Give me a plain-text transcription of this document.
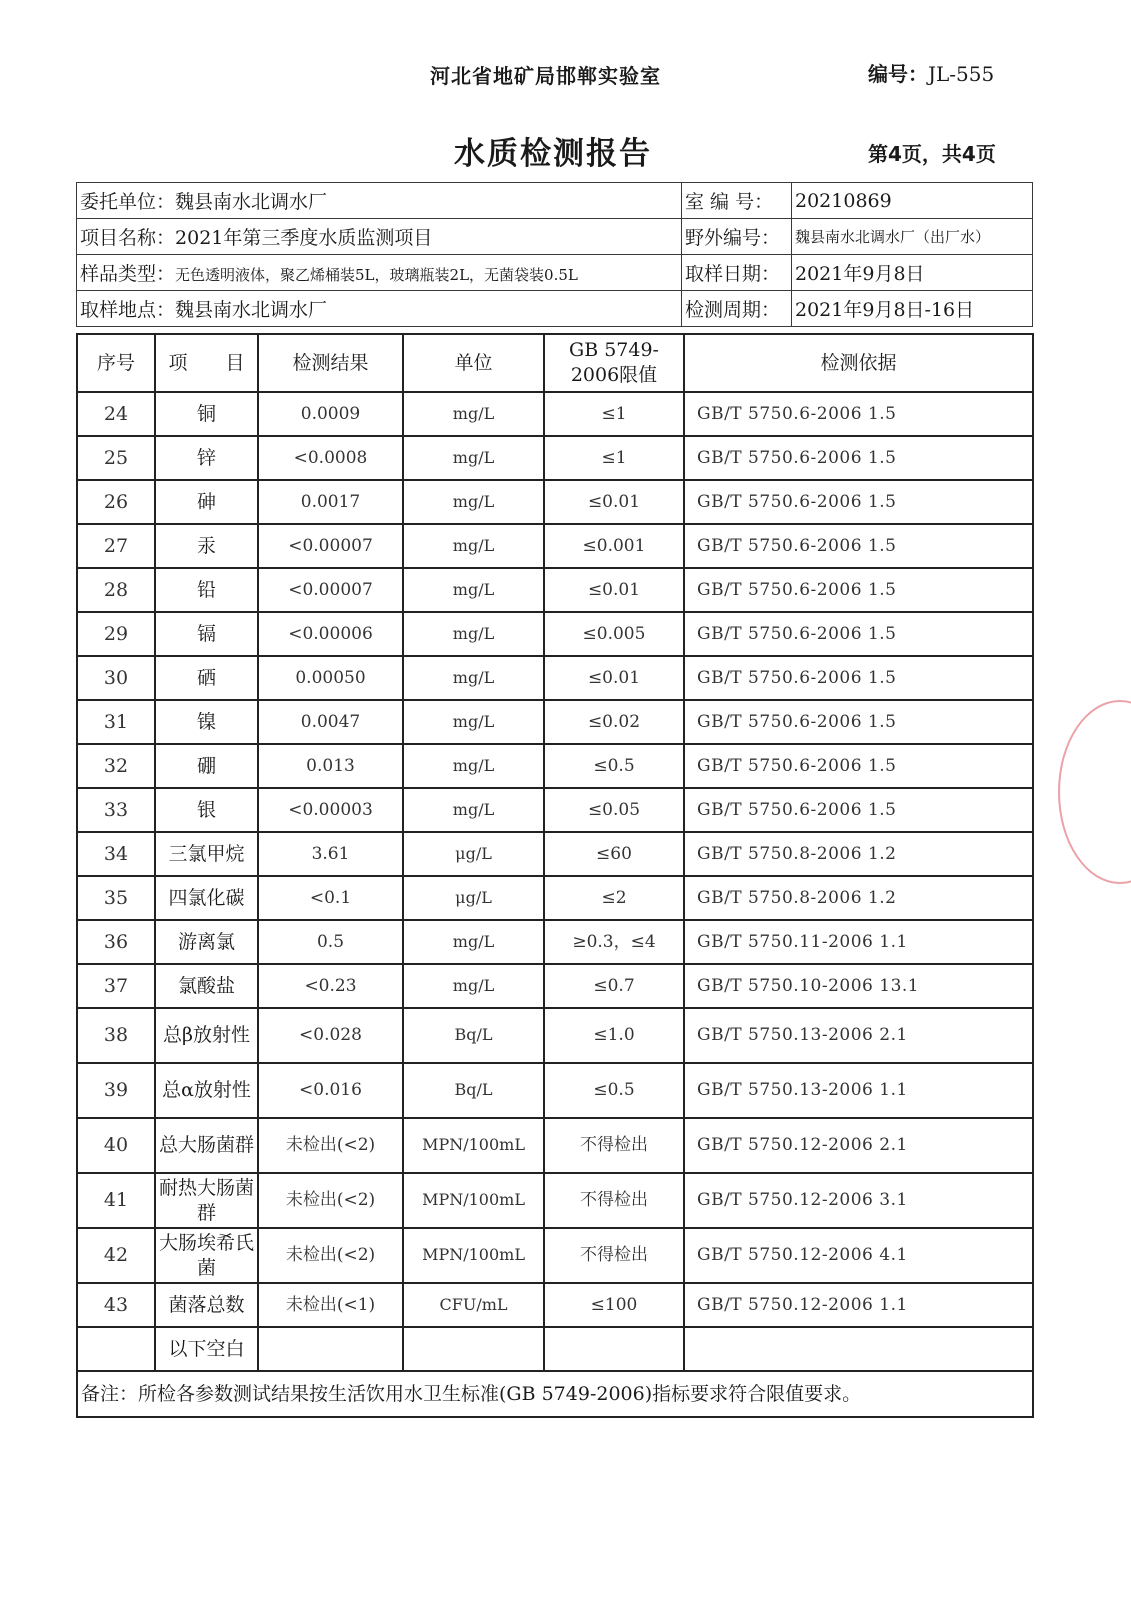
河北省地矿局邯郸实验室	编号：JL-555
水质检测报告	第4页，共4页
委托单位：魏县南水北调水厂	室 编 号：	20210869
项目名称：2021年第三季度水质监测项目	野外编号：	魏县南水北调水厂（出厂水）
样品类型：无色透明液体，聚乙烯桶装5L，玻璃瓶装2L，无菌袋装0.5L	取样日期：	2021年9月8日
取样地点：魏县南水北调水厂	检测周期：	2021年9月8日-16日
序号	项　　目	检测结果	单位	GB 5749-2006限值	检测依据
24	铜	0.0009	mg/L	≤1	GB/T 5750.6-2006 1.5
25	锌	<0.0008	mg/L	≤1	GB/T 5750.6-2006 1.5
26	砷	0.0017	mg/L	≤0.01	GB/T 5750.6-2006 1.5
27	汞	<0.00007	mg/L	≤0.001	GB/T 5750.6-2006 1.5
28	铅	<0.00007	mg/L	≤0.01	GB/T 5750.6-2006 1.5
29	镉	<0.00006	mg/L	≤0.005	GB/T 5750.6-2006 1.5
30	硒	0.00050	mg/L	≤0.01	GB/T 5750.6-2006 1.5
31	镍	0.0047	mg/L	≤0.02	GB/T 5750.6-2006 1.5
32	硼	0.013	mg/L	≤0.5	GB/T 5750.6-2006 1.5
33	银	<0.00003	mg/L	≤0.05	GB/T 5750.6-2006 1.5
34	三氯甲烷	3.61	μg/L	≤60	GB/T 5750.8-2006 1.2
35	四氯化碳	<0.1	μg/L	≤2	GB/T 5750.8-2006 1.2
36	游离氯	0.5	mg/L	≥0.3，≤4	GB/T 5750.11-2006 1.1
37	氯酸盐	<0.23	mg/L	≤0.7	GB/T 5750.10-2006 13.1
38	总β放射性	<0.028	Bq/L	≤1.0	GB/T 5750.13-2006 2.1
39	总α放射性	<0.016	Bq/L	≤0.5	GB/T 5750.13-2006 1.1
40	总大肠菌群	未检出(<2)	MPN/100mL	不得检出	GB/T 5750.12-2006 2.1
41	耐热大肠菌群	未检出(<2)	MPN/100mL	不得检出	GB/T 5750.12-2006 3.1
42	大肠埃希氏菌	未检出(<2)	MPN/100mL	不得检出	GB/T 5750.12-2006 4.1
43	菌落总数	未检出(<1)	CFU/mL	≤100	GB/T 5750.12-2006 1.1
	以下空白				
备注：所检各参数测试结果按生活饮用水卫生标准(GB 5749-2006)指标要求符合限值要求。					
